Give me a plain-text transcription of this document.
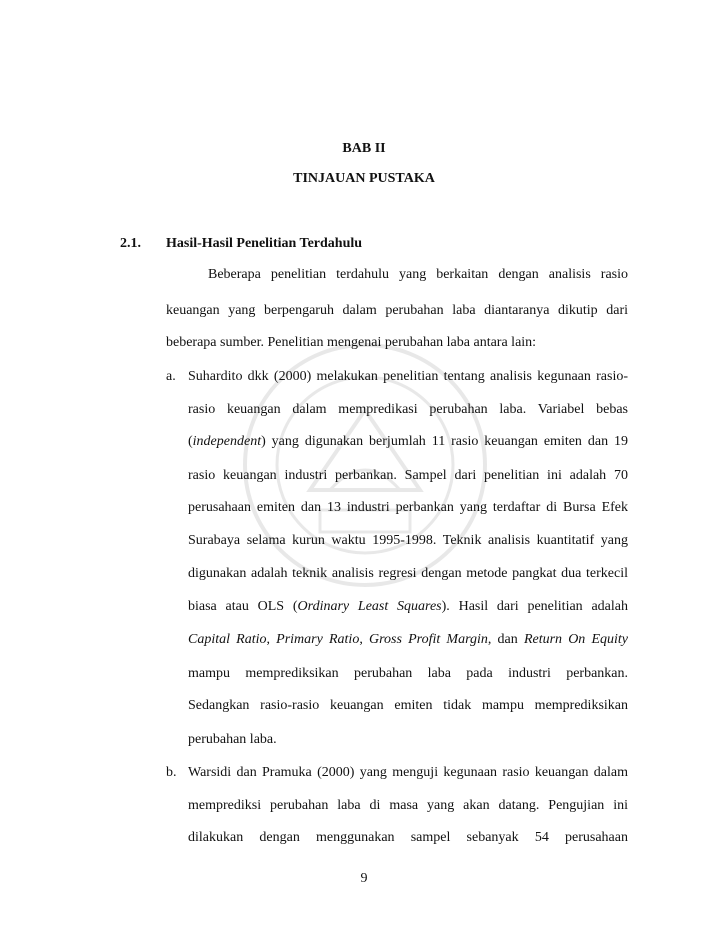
BAB II
TINJAUAN PUSTAKA
2.1. Hasil-Hasil Penelitian Terdahulu
Beberapa penelitian terdahulu yang berkaitan dengan analisis rasio
keuangan yang berpengaruh dalam perubahan laba diantaranya dikutip dari
beberapa sumber. Penelitian mengenai perubahan laba antara lain:
a. Suhardito dkk (2000) melakukan penelitian tentang analisis kegunaan rasio-
rasio keuangan dalam mempredikasi perubahan laba. Variabel bebas
(independent) yang digunakan berjumlah 11 rasio keuangan emiten dan 19
rasio keuangan industri perbankan. Sampel dari penelitian ini adalah 70
perusahaan emiten dan 13 industri perbankan yang terdaftar di Bursa Efek
Surabaya selama kurun waktu 1995-1998. Teknik analisis kuantitatif yang
digunakan adalah teknik analisis regresi dengan metode pangkat dua terkecil
biasa atau OLS (Ordinary Least Squares). Hasil dari penelitian adalah
Capital Ratio, Primary Ratio, Gross Profit Margin, dan Return On Equity
mampu memprediksikan perubahan laba pada industri perbankan.
Sedangkan rasio-rasio keuangan emiten tidak mampu memprediksikan
perubahan laba.
b. Warsidi dan Pramuka (2000) yang menguji kegunaan rasio keuangan dalam
memprediksi perubahan laba di masa yang akan datang. Pengujian ini
dilakukan dengan menggunakan sampel sebanyak 54 perusahaan
9
